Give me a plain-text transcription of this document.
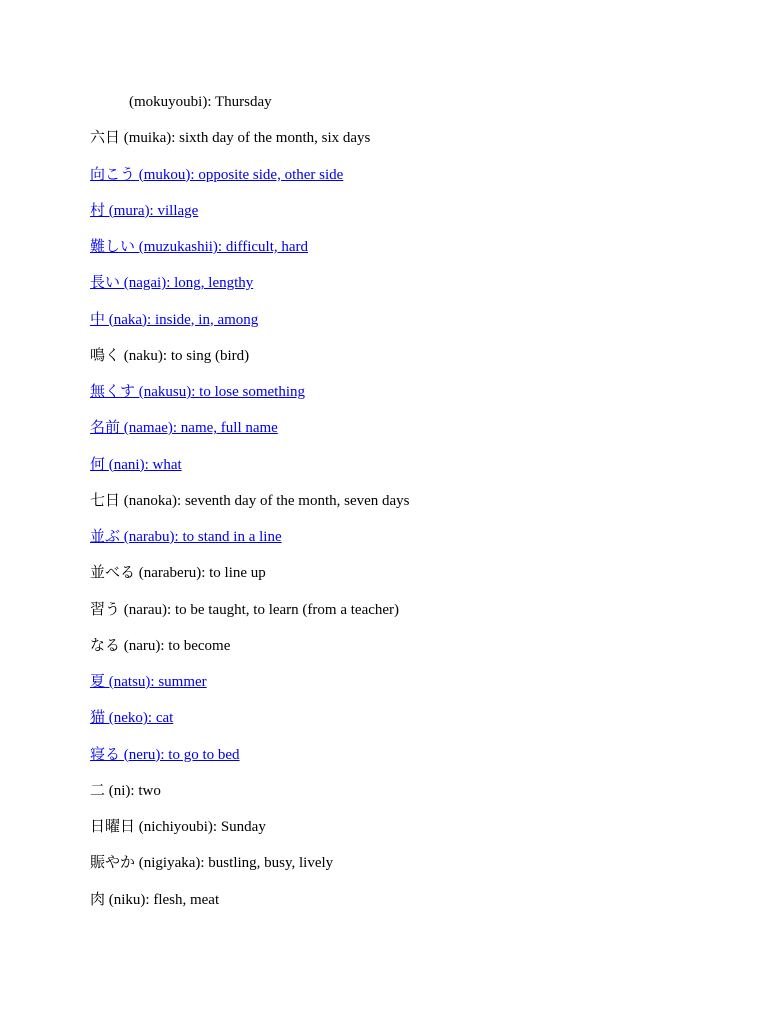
(mokuyoubi): Thursday
六日 (muika): sixth day of the month, six days
向こう (mukou): opposite side, other side
村 (mura): village
難しい (muzukashii): difficult, hard
長い (nagai): long, lengthy
中 (naka): inside, in, among
鳴く (naku): to sing (bird)
無くす (nakusu): to lose something
名前 (namae): name, full name
何 (nani): what
七日 (nanoka): seventh day of the month, seven days
並ぶ (narabu): to stand in a line
並べる (naraberu): to line up
習う (narau): to be taught, to learn (from a teacher)
なる (naru): to become
夏 (natsu): summer
猫 (neko): cat
寝る (neru): to go to bed
二 (ni): two
日曜日 (nichiyoubi): Sunday
賑やか (nigiyaka): bustling, busy, lively
肉 (niku): flesh, meat
